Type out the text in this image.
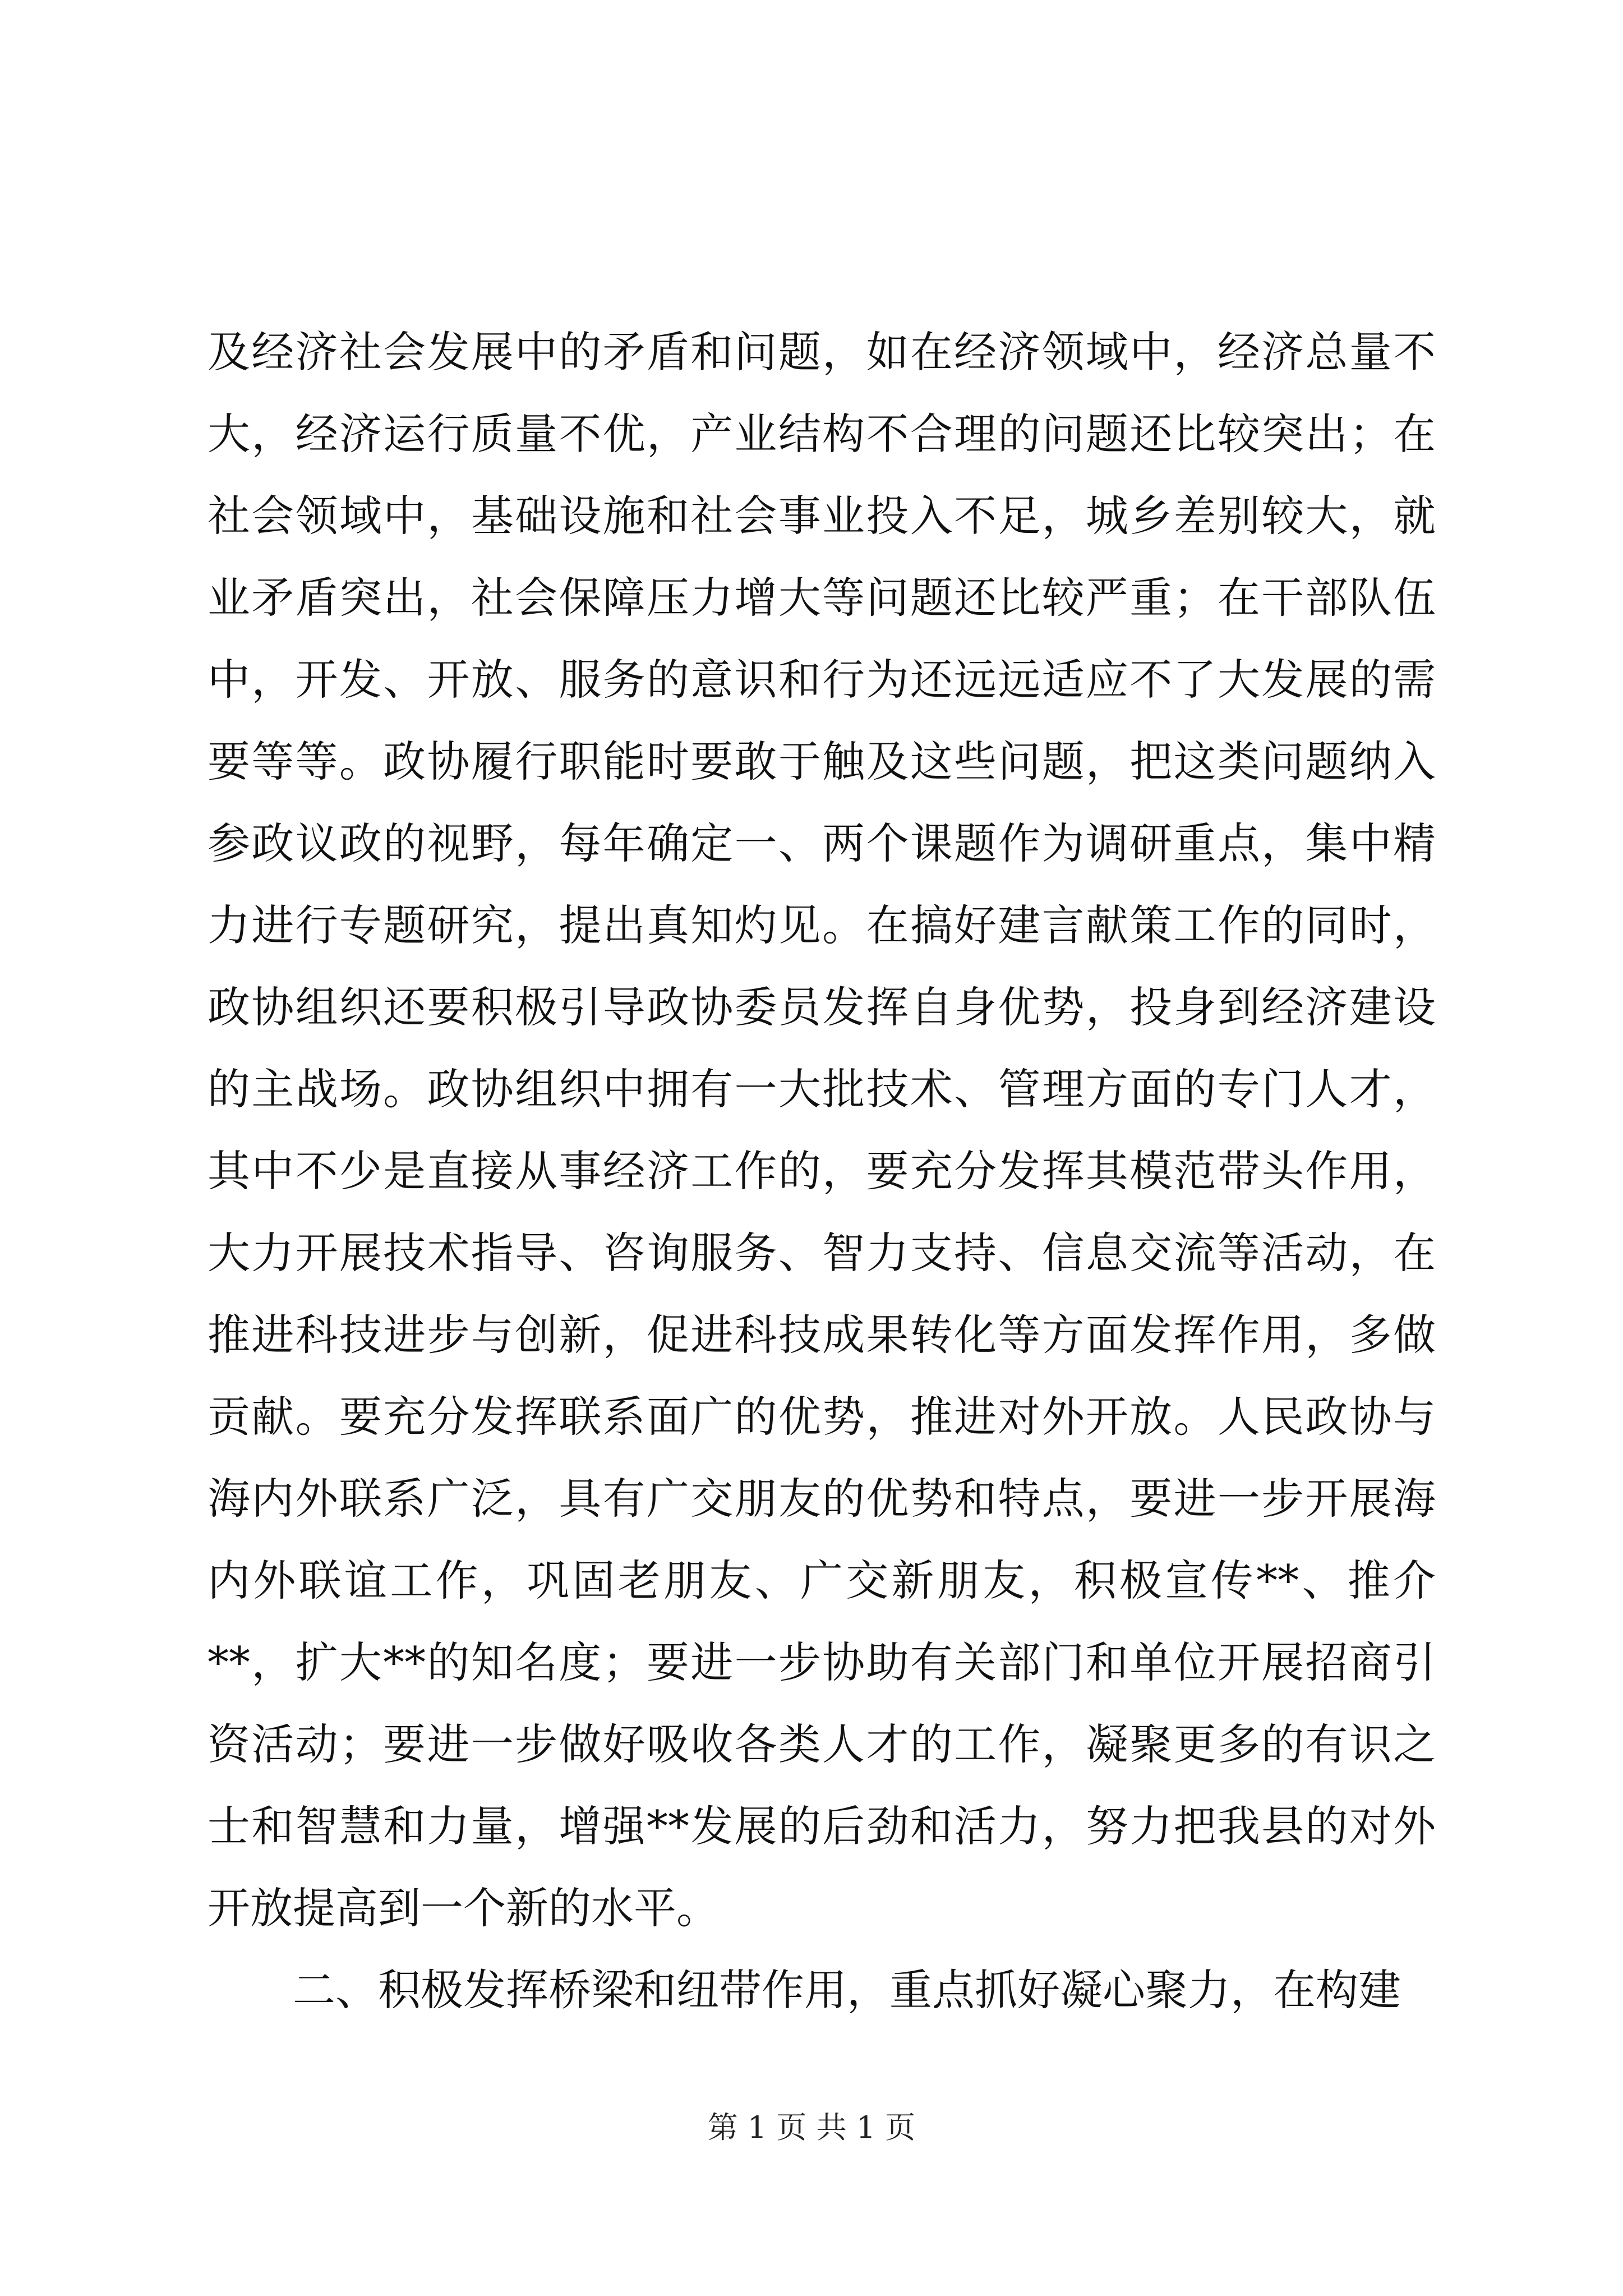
及经济社会发展中的矛盾和问题，如在经济领域中，经济总量不
大，经济运行质量不优，产业结构不合理的问题还比较突出；在
社会领域中，基础设施和社会事业投入不足，城乡差别较大，就
业矛盾突出，社会保障压力增大等问题还比较严重；在干部队伍
中，开发、开放、服务的意识和行为还远远适应不了大发展的需
要等等。政协履行职能时要敢于触及这些问题，把这类问题纳入
参政议政的视野，每年确定一、两个课题作为调研重点，集中精
力进行专题研究，提出真知灼见。在搞好建言献策工作的同时，
政协组织还要积极引导政协委员发挥自身优势，投身到经济建设
的主战场。政协组织中拥有一大批技术、管理方面的专门人才，
其中不少是直接从事经济工作的，要充分发挥其模范带头作用，
大力开展技术指导、咨询服务、智力支持、信息交流等活动，在
推进科技进步与创新，促进科技成果转化等方面发挥作用，多做
贡献。要充分发挥联系面广的优势，推进对外开放。人民政协与
海内外联系广泛，具有广交朋友的优势和特点，要进一步开展海
内外联谊工作，巩固老朋友、广交新朋友，积极宣传**、推介
**，扩大**的知名度；要进一步协助有关部门和单位开展招商引
资活动；要进一步做好吸收各类人才的工作，凝聚更多的有识之
士和智慧和力量，增强**发展的后劲和活力，努力把我县的对外
开放提高到一个新的水平。
二、积极发挥桥梁和纽带作用，重点抓好凝心聚力，在构建
第 1 页 共 1 页
